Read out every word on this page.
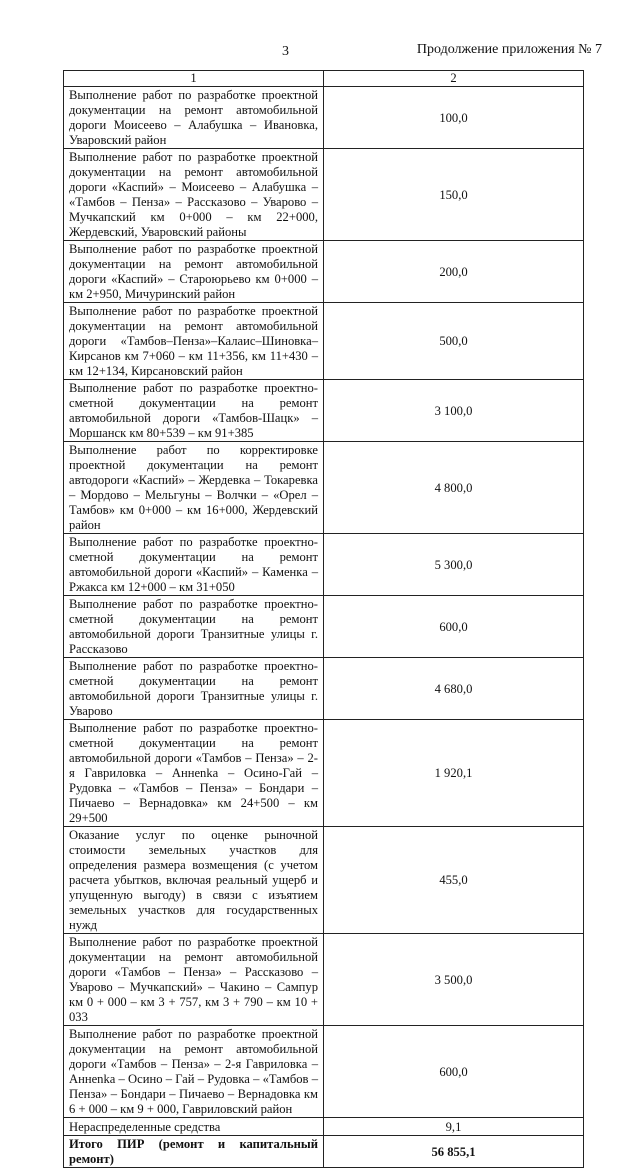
3	Продолжение приложения № 7
1	2
Выполнение работ по разработке проектной документации на ремонт автомобильной дороги Моисеево – Алабушка – Ивановка, Уваровский район	100,0
Выполнение работ по разработке проектной документации на ремонт автомобильной дороги «Каспий» – Моисеево – Алабушка – «Тамбов – Пенза» – Рассказово – Уварово – Мучкапский км 0+000 – км 22+000, Жердевский, Уваровский районы	150,0
Выполнение работ по разработке проектной документации на ремонт автомобильной дороги «Каспий» – Староюрьево км 0+000 – км 2+950, Мичуринский район	200,0
Выполнение работ по разработке проектной документации на ремонт автомобильной дороги «Тамбов–Пенза»–Калаис–Шиновка–Кирсанов км 7+060 – км 11+356, км 11+430 – км 12+134, Кирсановский район	500,0
Выполнение работ по разработке проектно-сметной документации на ремонт автомобильной дороги «Тамбов-Шацк» – Моршанск км 80+539 – км 91+385	3 100,0
Выполнение работ по корректировке проектной документации на ремонт автодороги «Каспий» – Жердевка – Токаревка – Мордово – Мельгуны – Волчки – «Орел – Тамбов» км 0+000 – км 16+000, Жердевский район	4 800,0
Выполнение работ по разработке проектно-сметной документации на ремонт автомобильной дороги «Каспий» – Каменка – Ржакса км 12+000 – км 31+050	5 300,0
Выполнение работ по разработке проектно-сметной документации на ремонт автомобильной дороги Транзитные улицы г. Рассказово	600,0
Выполнение работ по разработке проектно-сметной документации на ремонт автомобильной дороги Транзитные улицы г. Уварово	4 680,0
Выполнение работ по разработке проектно-сметной документации на ремонт автомобильной дороги «Тамбов – Пенза» – 2-я Гавриловка – Аннenka – Осино-Гай – Рудовка – «Тамбов – Пенза» – Бондари – Пичаево – Вернадовка» км 24+500 – км 29+500	1 920,1
Оказание услуг по оценке рыночной стоимости земельных участков для определения размера возмещения (с учетом расчета убытков, включая реальный ущерб и упущенную выгоду) в связи с изъятием земельных участков для государственных нужд	455,0
Выполнение работ по разработке проектной документации на ремонт автомобильной дороги «Тамбов – Пенза» – Рассказово – Уварово – Мучкапский» – Чакино – Сампур км 0 + 000 – км 3 + 757, км 3 + 790 – км 10 + 033	3 500,0
Выполнение работ по разработке проектной документации на ремонт автомобильной дороги «Тамбов – Пенза» – 2-я Гавриловка – Аннenka – Осино – Гай – Рудовка – «Тамбов – Пенза» – Бондари – Пичаево – Вернадовка км 6 + 000 – км 9 + 000, Гавриловский район	600,0
Нераспределенные средства	9,1
Итого ПИР (ремонт и капитальный ремонт)	56 855,1
